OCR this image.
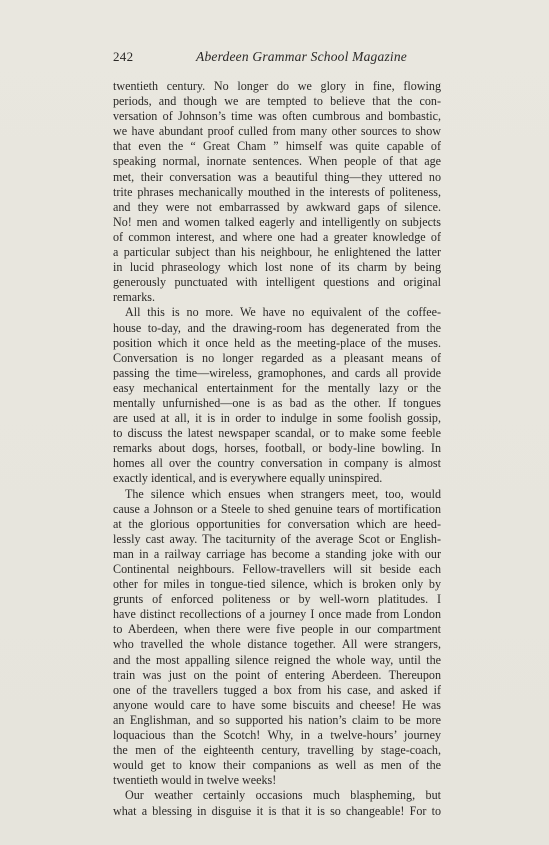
242	Aberdeen Grammar School Magazine
twentieth century. No longer do we glory in fine, flowing
periods, and though we are tempted to believe that the con-
versation of Johnson’s time was often cumbrous and bombastic,
we have abundant proof culled from many other sources to show
that even the “ Great Cham ” himself was quite capable of
speaking normal, inornate sentences. When people of that age
met, their conversation was a beautiful thing—they uttered no
trite phrases mechanically mouthed in the interests of politeness,
and they were not embarrassed by awkward gaps of silence.
No! men and women talked eagerly and intelligently on subjects
of common interest, and where one had a greater knowledge of
a particular subject than his neighbour, he enlightened the latter
in lucid phraseology which lost none of its charm by being
generously punctuated with intelligent questions and original
remarks.
All this is no more. We have no equivalent of the coffee-
house to-day, and the drawing-room has degenerated from the
position which it once held as the meeting-place of the muses.
Conversation is no longer regarded as a pleasant means of
passing the time—wireless, gramophones, and cards all provide
easy mechanical entertainment for the mentally lazy or the
mentally unfurnished—one is as bad as the other. If tongues
are used at all, it is in order to indulge in some foolish gossip,
to discuss the latest newspaper scandal, or to make some feeble
remarks about dogs, horses, football, or body-line bowling. In
homes all over the country conversation in company is almost
exactly identical, and is everywhere equally uninspired.
The silence which ensues when strangers meet, too, would
cause a Johnson or a Steele to shed genuine tears of mortification
at the glorious opportunities for conversation which are heed-
lessly cast away. The taciturnity of the average Scot or English-
man in a railway carriage has become a standing joke with our
Continental neighbours. Fellow-travellers will sit beside each
other for miles in tongue-tied silence, which is broken only by
grunts of enforced politeness or by well-worn platitudes. I
have distinct recollections of a journey I once made from London
to Aberdeen, when there were five people in our compartment
who travelled the whole distance together. All were strangers,
and the most appalling silence reigned the whole way, until the
train was just on the point of entering Aberdeen. Thereupon
one of the travellers tugged a box from his case, and asked if
anyone would care to have some biscuits and cheese! He was
an Englishman, and so supported his nation’s claim to be more
loquacious than the Scotch! Why, in a twelve-hours’ journey
the men of the eighteenth century, travelling by stage-coach,
would get to know their companions as well as men of the
twentieth would in twelve weeks!
Our weather certainly occasions much blaspheming, but
what a blessing in disguise it is that it is so changeable! For to
